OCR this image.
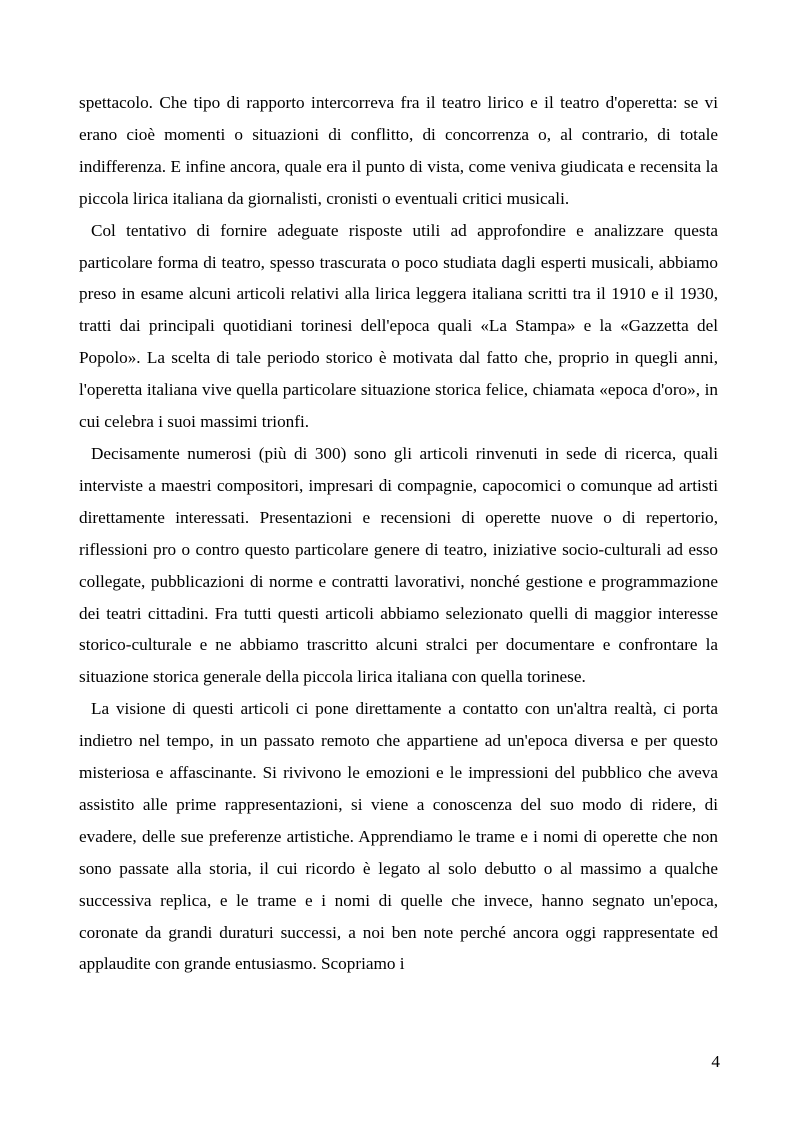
spettacolo. Che tipo di rapporto intercorreva fra il teatro lirico e il teatro d'operetta: se vi erano cioè momenti o situazioni di conflitto, di concorrenza o, al contrario, di totale indifferenza. E infine ancora, quale era il punto di vista, come veniva giudicata e recensita la piccola lirica italiana da giornalisti, cronisti o eventuali critici musicali.

Col tentativo di fornire adeguate risposte utili ad approfondire e analizzare questa particolare forma di teatro, spesso trascurata o poco studiata dagli esperti musicali, abbiamo preso in esame alcuni articoli relativi alla lirica leggera italiana scritti tra il 1910 e il 1930, tratti dai principali quotidiani torinesi dell'epoca quali «La Stampa» e la «Gazzetta del Popolo». La scelta di tale periodo storico è motivata dal fatto che, proprio in quegli anni, l'operetta italiana vive quella particolare situazione storica felice, chiamata «epoca d'oro», in cui celebra i suoi massimi trionfi.

Decisamente numerosi (più di 300) sono gli articoli rinvenuti in sede di ricerca, quali interviste a maestri compositori, impresari di compagnie, capocomici o comunque ad artisti direttamente interessati. Presentazioni e recensioni di operette nuove o di repertorio, riflessioni pro o contro questo particolare genere di teatro, iniziative socio-culturali ad esso collegate, pubblicazioni di norme e contratti lavorativi, nonché gestione e programmazione dei teatri cittadini. Fra tutti questi articoli abbiamo selezionato quelli di maggior interesse storico-culturale e ne abbiamo trascritto alcuni stralci per documentare e confrontare la situazione storica generale della piccola lirica italiana con quella torinese.

La visione di questi articoli ci pone direttamente a contatto con un'altra realtà, ci porta indietro nel tempo, in un passato remoto che appartiene ad un'epoca diversa e per questo misteriosa e affascinante. Si rivivono le emozioni e le impressioni del pubblico che aveva assistito alle prime rappresentazioni, si viene a conoscenza del suo modo di ridere, di evadere, delle sue preferenze artistiche. Apprendiamo le trame e i nomi di operette che non sono passate alla storia, il cui ricordo è legato al solo debutto o al massimo a qualche successiva replica, e le trame e i nomi di quelle che invece, hanno segnato un'epoca, coronate da grandi duraturi successi, a noi ben note perché ancora oggi rappresentate ed applaudite con grande entusiasmo. Scopriamo i

4
